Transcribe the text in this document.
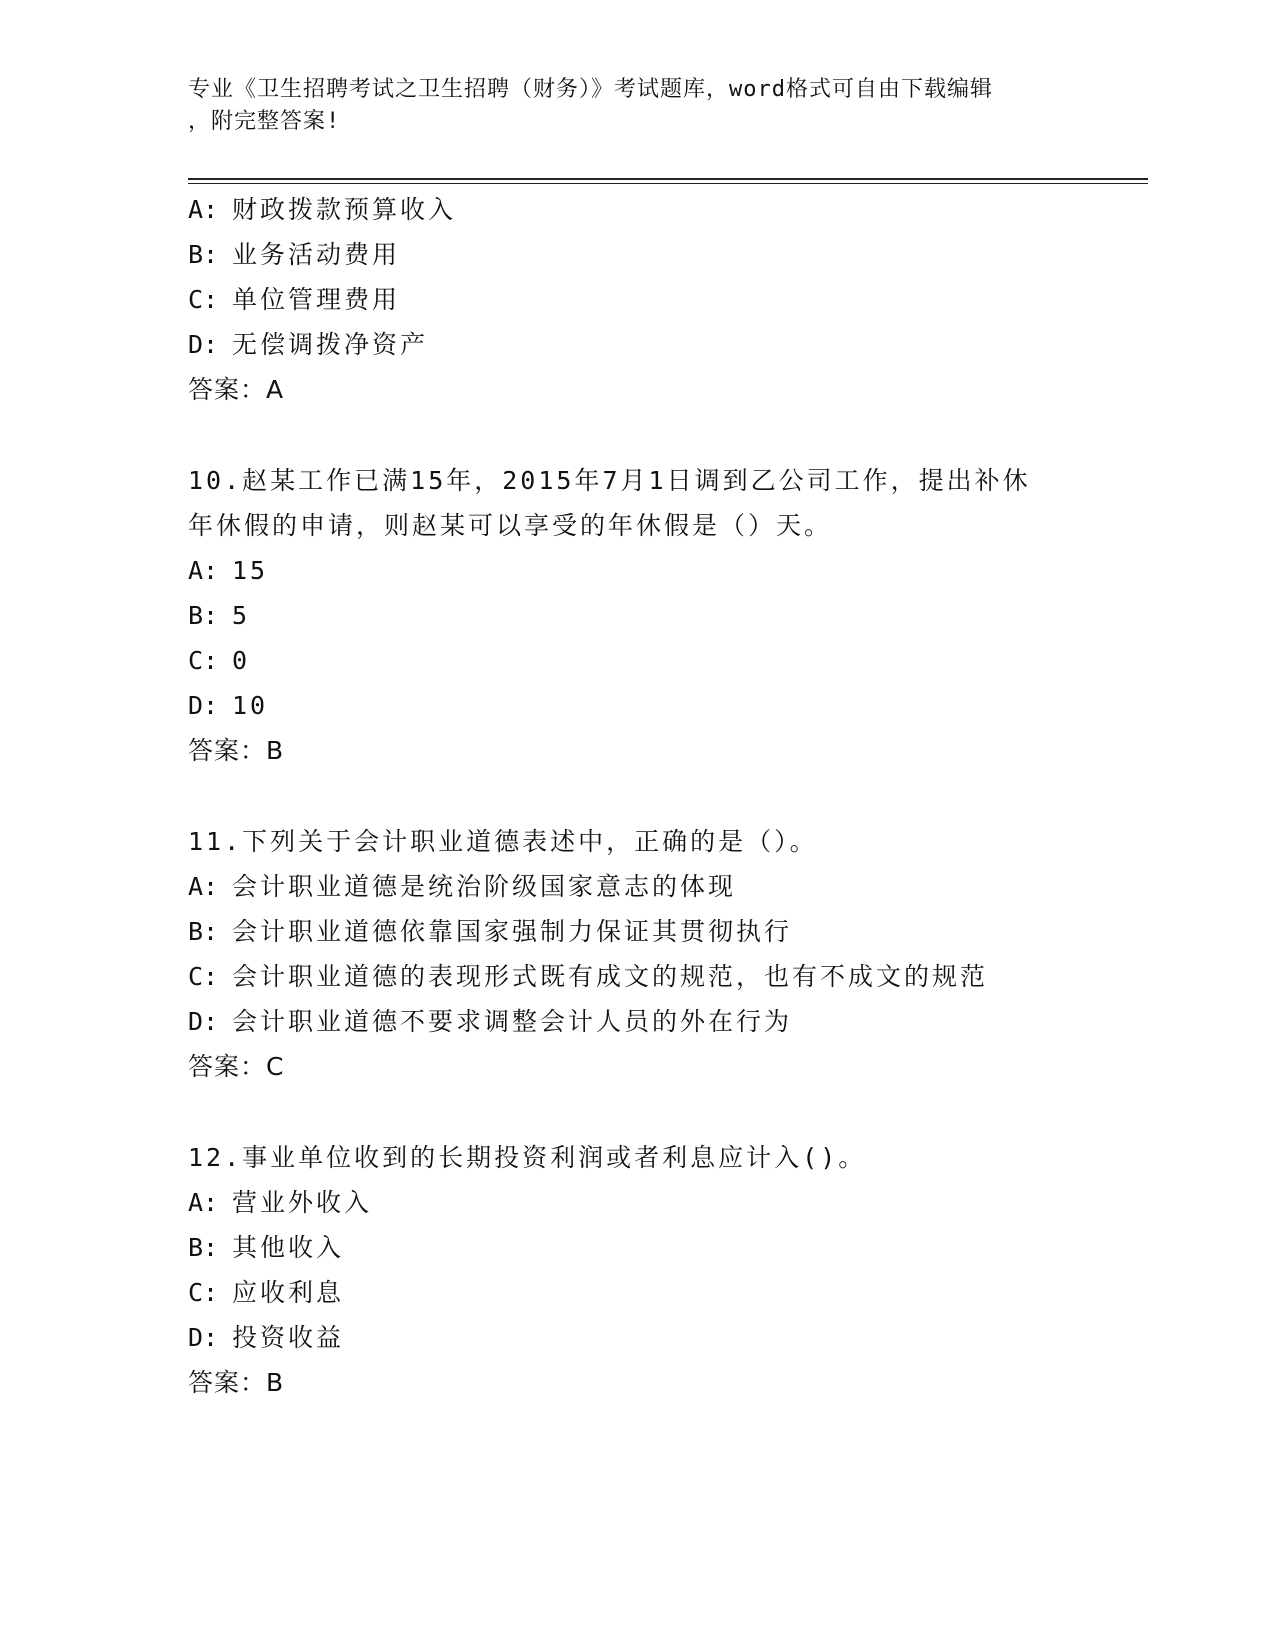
专业《卫生招聘考试之卫生招聘（财务）》考试题库，word格式可自由下载编辑
，附完整答案!
A: 财政拨款预算收入
B: 业务活动费用
C: 单位管理费用
D: 无偿调拨净资产
答案：A
10.赵某工作已满15年，2015年7月1日调到乙公司工作，提出补休
年休假的申请，则赵某可以享受的年休假是（）天。
A: 15
B: 5
C: 0
D: 10
答案：B
11.下列关于会计职业道德表述中，正确的是（）。
A: 会计职业道德是统治阶级国家意志的体现
B: 会计职业道德依靠国家强制力保证其贯彻执行
C: 会计职业道德的表现形式既有成文的规范，也有不成文的规范
D: 会计职业道德不要求调整会计人员的外在行为
答案：C
12.事业单位收到的长期投资利润或者利息应计入()。
A: 营业外收入
B: 其他收入
C: 应收利息
D: 投资收益
答案：B
